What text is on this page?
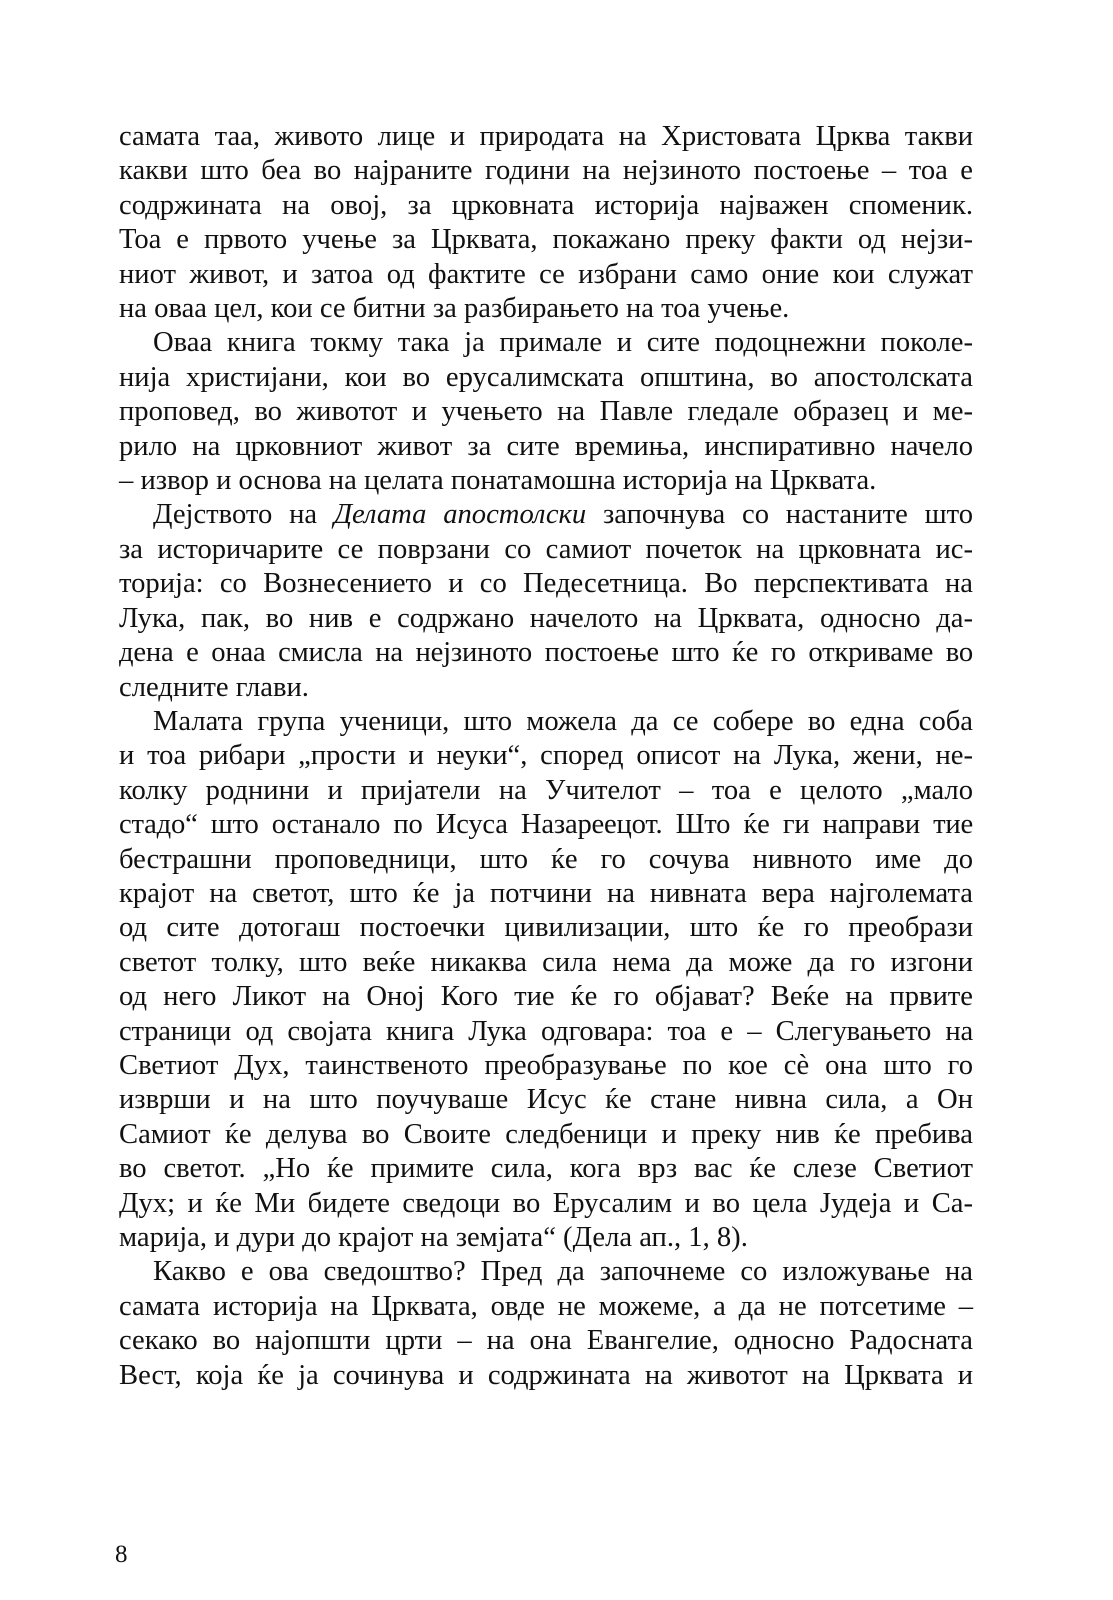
самата таа, живото лице и природата на Христовата Црква такви
какви што беа во најраните години на нејзиното постоење – тоа е
содржината на овој, за црковната историја најважен споменик.
Тоа е првото учење за Црквата, покажано преку факти од нејзи-
ниот живот, и затоа од фактите се избрани само оние кои служат
на оваа цел, кои се битни за разбирањето на тоа учење.

Оваа книга токму така ја примале и сите подоцнежни поколе-
нија христијани, кои во ерусалимската општина, во апостолската
проповед, во животот и учењето на Павле гледале образец и ме-
рило на црковниот живот за сите времиња, инспиративно начело
– извор и основа на целата понатамошна историја на Црквата.

Дејството на Делата апостолски започнува со настаните што
за историчарите се поврзани со самиот почеток на црковната ис-
торија: со Вознесението и со Педесетница. Во перспективата на
Лука, пак, во нив е содржано начелото на Црквата, односно да-
дена е онаа смисла на нејзиното постоење што ќе го откриваме во
следните глави.

Малата група ученици, што можела да се собере во една соба
и тоа рибари „прости и неуки“, според описот на Лука, жени, не-
колку роднини и пријатели на Учителот – тоа е целото „мало
стадо“ што останало по Исуса Назареецот. Што ќе ги направи тие
бестрашни проповедници, што ќе го сочува нивното име до
крајот на светот, што ќе ја потчини на нивната вера најголемата
од сите дотогаш постоечки цивилизации, што ќе го преобрази
светот толку, што веќе никаква сила нема да може да го изгони
од него Ликот на Оној Кого тие ќе го објават? Веќе на првите
страници од својата книга Лука одговара: тоа е – Слегувањето на
Светиот Дух, таинственото преобразување по кое сѐ она што го
изврши и на што поучуваше Исус ќе стане нивна сила, а Он
Самиот ќе делува во Своите следбеници и преку нив ќе пребива
во светот. „Но ќе примите сила, кога врз вас ќе слезе Светиот
Дух; и ќе Ми бидете сведоци во Ерусалим и во цела Јудеја и Са-
марија, и дури до крајот на земјата“ (Дела ап., 1, 8).

Какво е ова сведоштво? Пред да започнеме со изложување на
самата историја на Црквата, овде не можеме, а да не потсетиме –
секако во најопшти црти – на она Евангелие, односно Радосната
Вест, која ќе ја сочинува и содржината на животот на Црквата и

8
